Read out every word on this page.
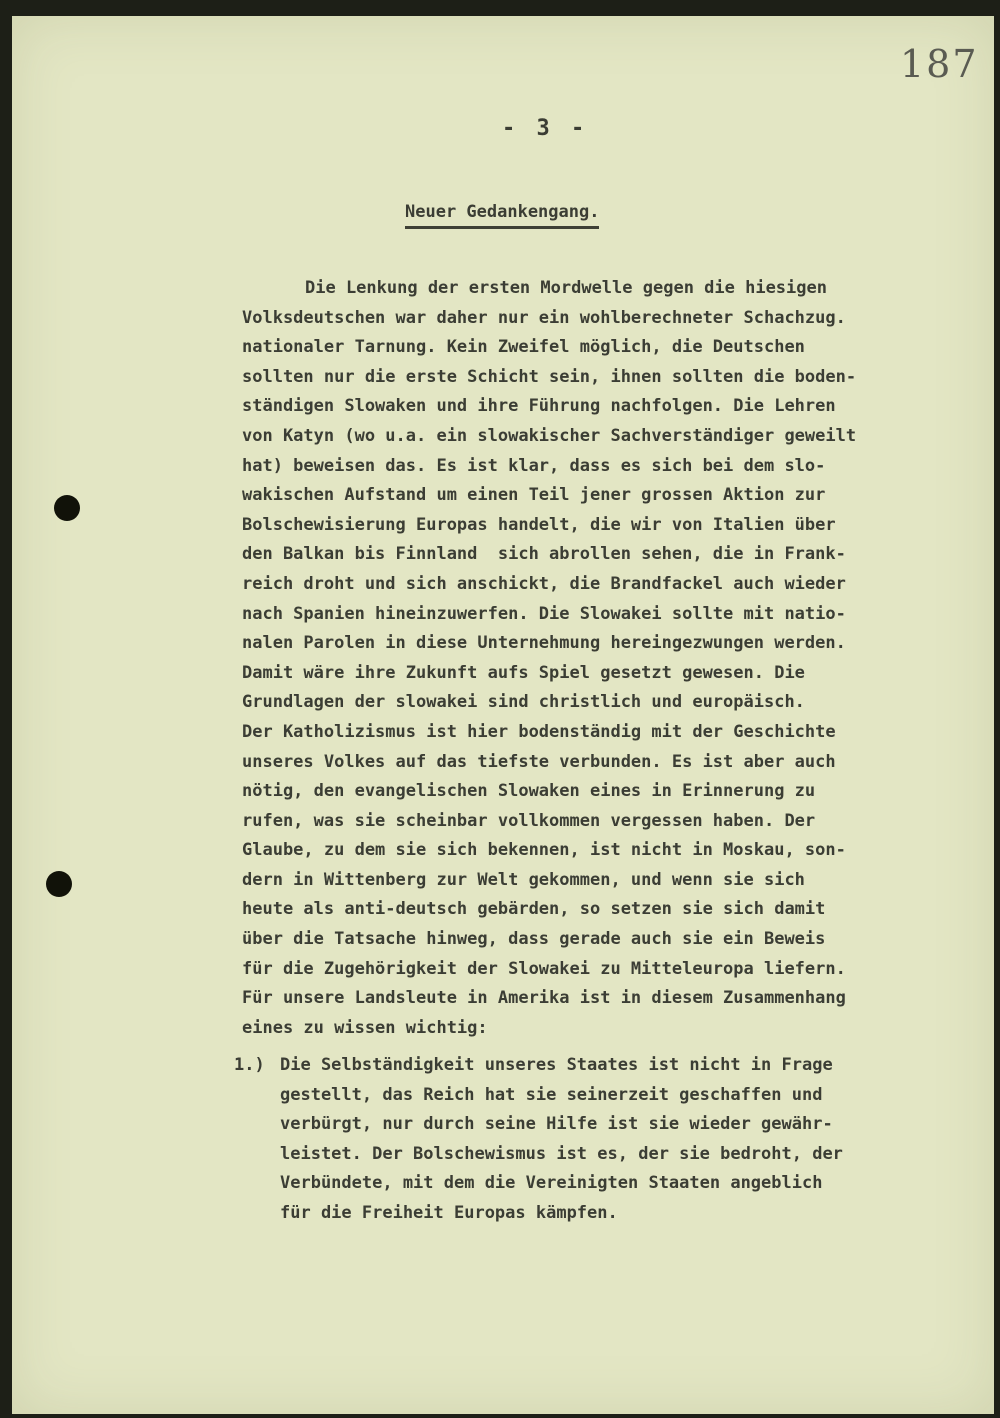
187
- 3 -
Neuer Gedankengang.
Die Lenkung der ersten Mordwelle gegen die hiesigen
Volksdeutschen war daher nur ein wohlberechneter Schachzug.
nationaler Tarnung. Kein Zweifel möglich, die Deutschen
sollten nur die erste Schicht sein, ihnen sollten die boden-
ständigen Slowaken und ihre Führung nachfolgen. Die Lehren
von Katyn (wo u.a. ein slowakischer Sachverständiger geweilt
hat) beweisen das. Es ist klar, dass es sich bei dem slo-
wakischen Aufstand um einen Teil jener grossen Aktion zur
Bolschewisierung Europas handelt, die wir von Italien über
den Balkan bis Finnland  sich abrollen sehen, die in Frank-
reich droht und sich anschickt, die Brandfackel auch wieder
nach Spanien hineinzuwerfen. Die Slowakei sollte mit natio-
nalen Parolen in diese Unternehmung hereingezwungen werden.
Damit wäre ihre Zukunft aufs Spiel gesetzt gewesen. Die
Grundlagen der slowakei sind christlich und europäisch.
Der Katholizismus ist hier bodenständig mit der Geschichte
unseres Volkes auf das tiefste verbunden. Es ist aber auch
nötig, den evangelischen Slowaken eines in Erinnerung zu
rufen, was sie scheinbar vollkommen vergessen haben. Der
Glaube, zu dem sie sich bekennen, ist nicht in Moskau, son-
dern in Wittenberg zur Welt gekommen, und wenn sie sich
heute als anti-deutsch gebärden, so setzen sie sich damit
über die Tatsache hinweg, dass gerade auch sie ein Beweis
für die Zugehörigkeit der Slowakei zu Mitteleuropa liefern.
Für unsere Landsleute in Amerika ist in diesem Zusammenhang
eines zu wissen wichtig:
1.) Die Selbständigkeit unseres Staates ist nicht in Frage
gestellt, das Reich hat sie seinerzeit geschaffen und
verbürgt, nur durch seine Hilfe ist sie wieder gewähr-
leistet. Der Bolschewismus ist es, der sie bedroht, der
Verbündete, mit dem die Vereinigten Staaten angeblich
für die Freiheit Europas kämpfen.
